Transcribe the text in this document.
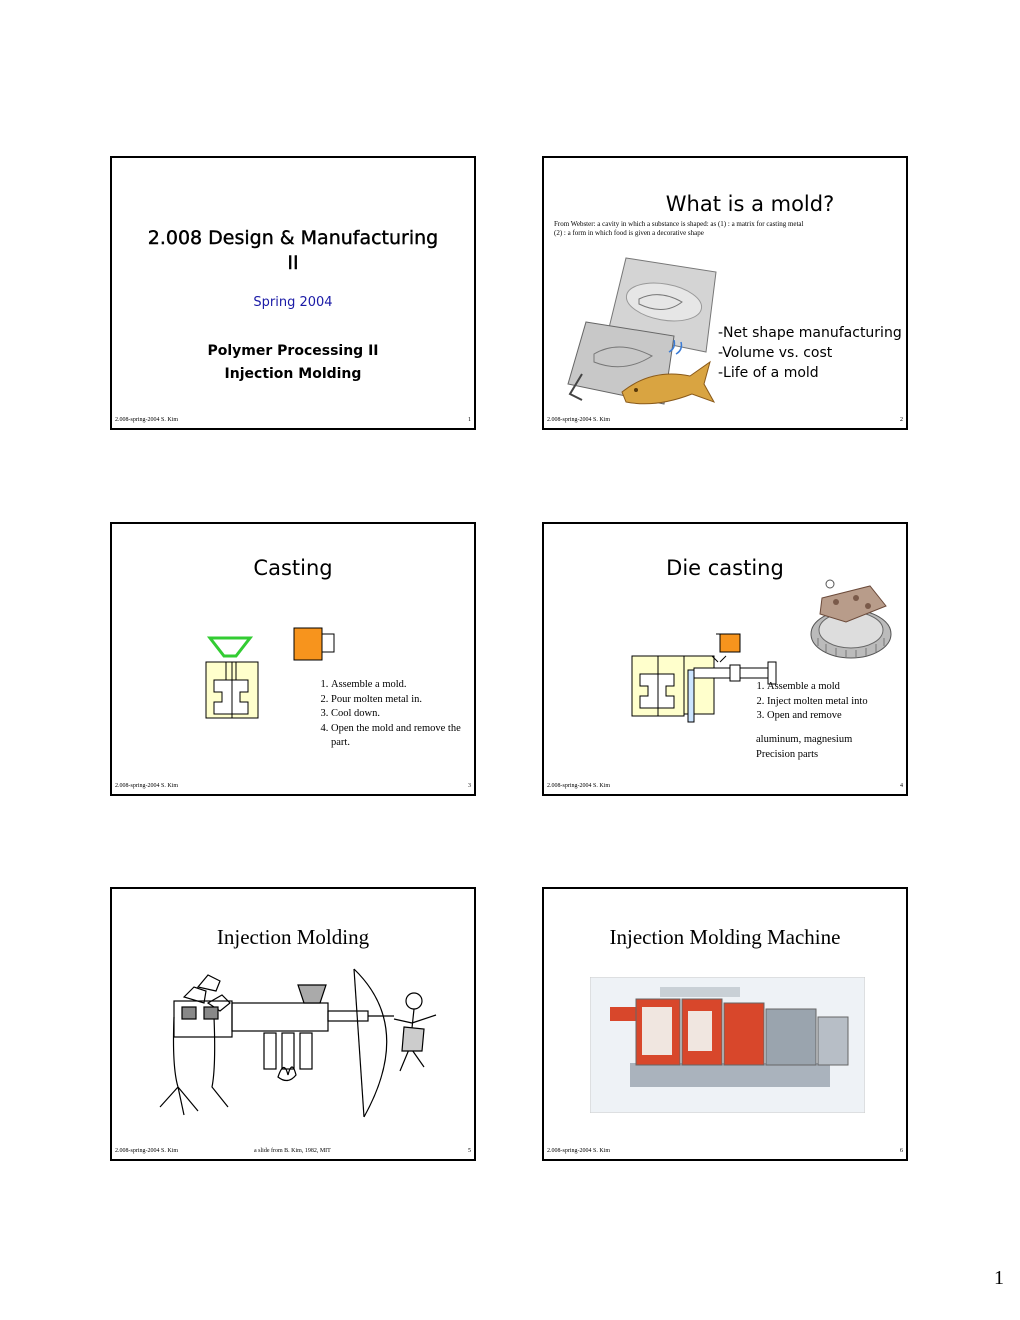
2.008 Design & Manufacturing
II
Spring 2004
Polymer Processing II
Injection Molding
2.008-spring-2004 S. Kim	1
What is a mold?
From Webster: a cavity in which a substance is shaped: as (1) : a matrix for casting metal
(2) : a form in which food is given a decorative shape
-Net shape manufacturing
-Volume vs. cost
-Life of a mold
2.008-spring-2004 S. Kim	2
Casting
1. Assemble a mold.
2. Pour molten metal in.
3. Cool down.
4. Open the mold and remove the part.
2.008-spring-2004 S. Kim	3
Die casting
1. Assemble a mold
2. Inject molten metal into
3. Open and remove
aluminum, magnesium
Precision parts
2.008-spring-2004 S. Kim	4
Injection Molding
2.008-spring-2004 S. Kim	a slide from B. Kim, 1982, MIT	5
Injection Molding Machine
2.008-spring-2004 S. Kim	6
1
